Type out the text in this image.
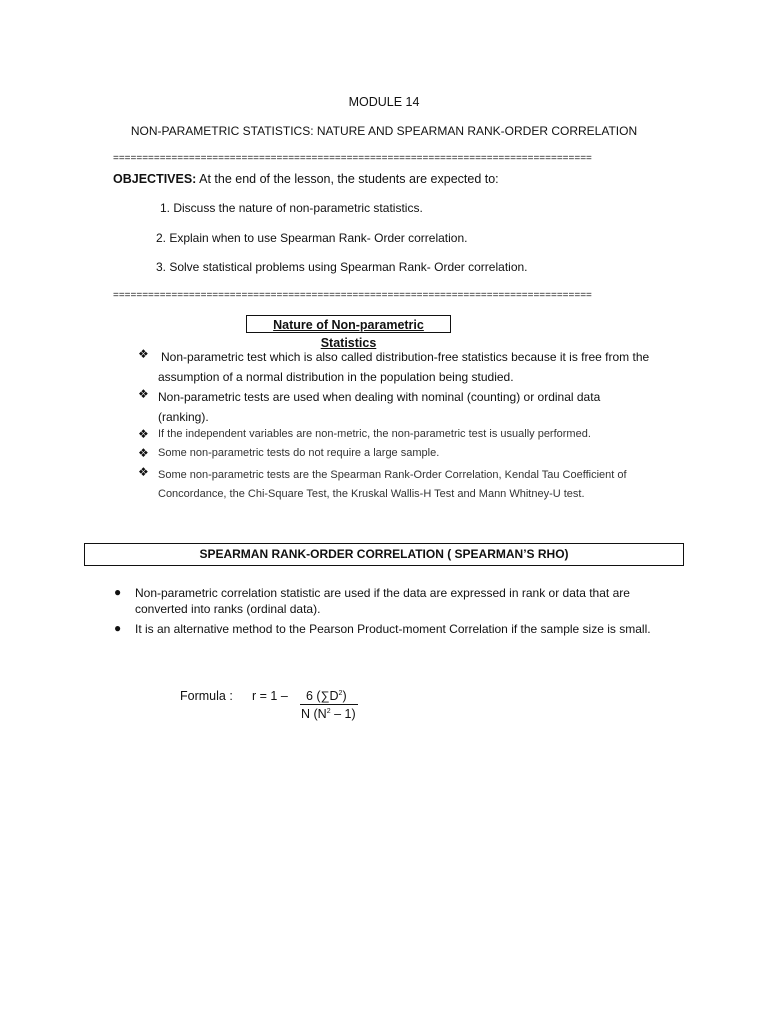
MODULE 14
NON-PARAMETRIC STATISTICS: NATURE AND SPEARMAN RANK-ORDER CORRELATION
==================================================================================
OBJECTIVES: At the end of the lesson, the students are expected to:
1. Discuss the nature of non-parametric statistics.
2. Explain when to use Spearman Rank- Order correlation.
3. Solve statistical problems using Spearman Rank- Order correlation.
==================================================================================
Nature of Non-parametric Statistics
❖ Non-parametric test which is also called distribution-free statistics because it is free from the assumption of a normal distribution in the population being studied.
❖ Non-parametric tests are used when dealing with nominal (counting) or ordinal data (ranking).
❖ If the independent variables are non-metric, the non-parametric test is usually performed.
❖ Some non-parametric tests do not require a large sample.
❖ Some non-parametric tests are the Spearman Rank-Order Correlation, Kendal Tau Coefficient of Concordance, the Chi-Square Test, the Kruskal Wallis-H Test and Mann Whitney-U test.
SPEARMAN RANK-ORDER CORRELATION ( SPEARMAN’S RHO)
● Non-parametric correlation statistic are used if the data are expressed in rank or data that are converted into ranks (ordinal data).
● It is an alternative method to the Pearson Product-moment Correlation if the sample size is small.
Formula : r = 1 –	6 $(\sum D^2)$
N $(N^2 - 1)$
